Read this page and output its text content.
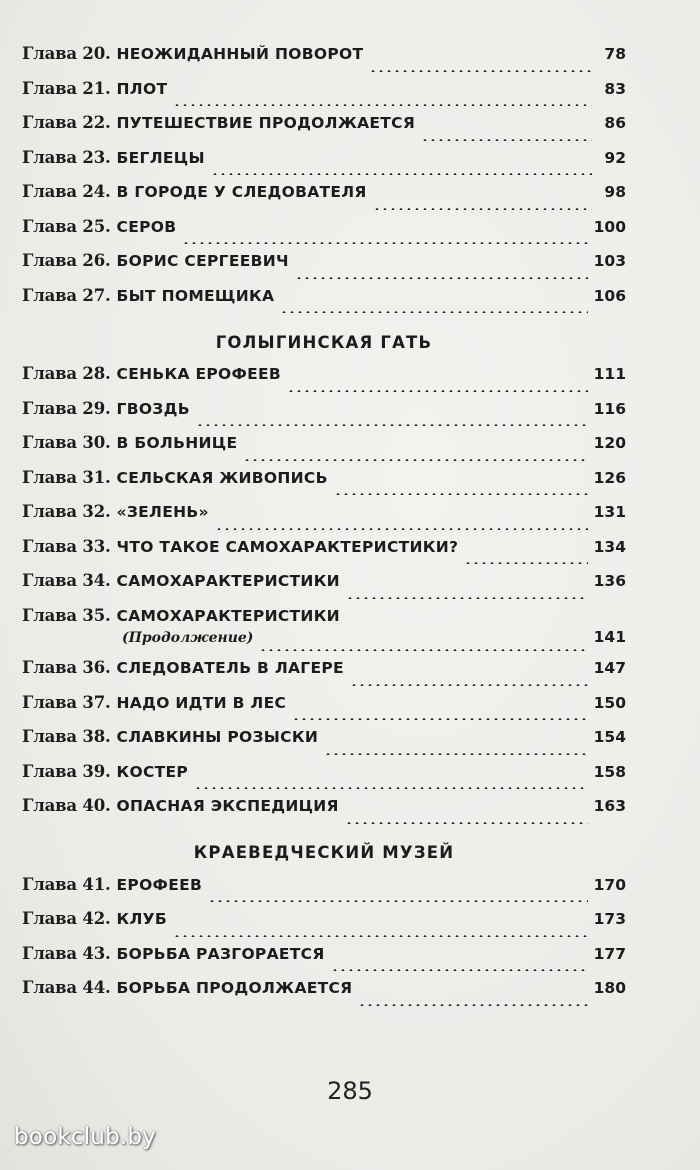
Глава 20. НЕОЖИДАННЫЙ ПОВОРОТ	78
Глава 21. ПЛОТ	83
Глава 22. ПУТЕШЕСТВИЕ ПРОДОЛЖАЕТСЯ	86
Глава 23. БЕГЛЕЦЫ	92
Глава 24. В ГОРОДЕ У СЛЕДОВАТЕЛЯ	98
Глава 25. СЕРОВ	100
Глава 26. БОРИС СЕРГЕЕВИЧ	103
Глава 27. БЫТ ПОМЕЩИКА	106
ГОЛЫГИНСКАЯ ГАТЬ
Глава 28. СЕНЬКА ЕРОФЕЕВ	111
Глава 29. ГВОЗДЬ	116
Глава 30. В БОЛЬНИЦЕ	120
Глава 31. СЕЛЬСКАЯ ЖИВОПИСЬ	126
Глава 32. «ЗЕЛЕНЬ»	131
Глава 33. ЧТО ТАКОЕ САМОХАРАКТЕРИСТИКИ?	134
Глава 34. САМОХАРАКТЕРИСТИКИ	136
Глава 35. САМОХАРАКТЕРИСТИКИ
(Продолжение)	141
Глава 36. СЛЕДОВАТЕЛЬ В ЛАГЕРЕ	147
Глава 37. НАДО ИДТИ В ЛЕС	150
Глава 38. СЛАВКИНЫ РОЗЫСКИ	154
Глава 39. КОСТЕР	158
Глава 40. ОПАСНАЯ ЭКСПЕДИЦИЯ	163
КРАЕВЕДЧЕСКИЙ МУЗЕЙ
Глава 41. ЕРОФЕЕВ	170
Глава 42. КЛУБ	173
Глава 43. БОРЬБА РАЗГОРАЕТСЯ	177
Глава 44. БОРЬБА ПРОДОЛЖАЕТСЯ	180
285
bookclub.by
